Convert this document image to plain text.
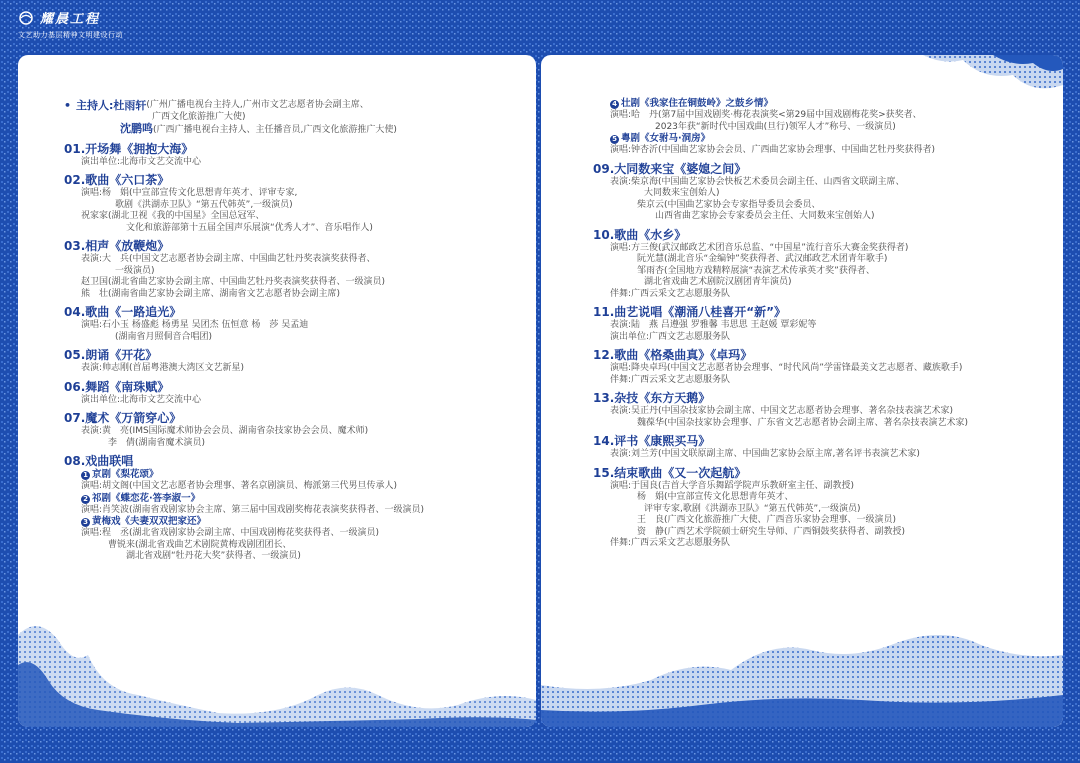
耀晨工程
文艺助力基层精神文明建设行动
• 主持人: 杜雨轩 (广州广播电视台主持人,广州市文艺志愿者协会副主席、
广西文化旅游推广大使)
沈鹏鸣(广西广播电视台主持人、主任播音员,广西文化旅游推广大使)
01.开场舞《拥抱大海》
演出单位:北海市文艺交流中心
02.歌曲《六口茶》
演唱:杨　娟(中宣部宣传文化思想青年英才、评审专家,
歌剧《洪湖赤卫队》“第五代韩英”,一级演员)
祝家家(湖北卫视《我的中国星》全国总冠军、
文化和旅游部第十五届全国声乐展演“优秀人才”、音乐唱作人)
03.相声《放鞭炮》
表演:大　兵(中国文艺志愿者协会副主席、中国曲艺牡丹奖表演奖获得者、
一级演员)
赵卫国(湖北省曲艺家协会副主席、中国曲艺牡丹奖表演奖获得者、一级演员)
熊　壮(湖南省曲艺家协会副主席、湖南省文艺志愿者协会副主席)
04.歌曲《一路追光》
演唱:石小玉 杨盛彪 杨勇星 吴团杰 伍恒意 杨　莎 吴孟迪
(湖南省月照侗音合唱团)
05.朗诵《开花》
表演:帅志刚(首届粤港澳大湾区文艺新星)
06.舞蹈《南珠赋》
演出单位:北海市文艺交流中心
07.魔术《万箭穿心》
表演:黄　亮(IMS国际魔术师协会会员、湖南省杂技家协会会员、魔术师)
　　　李　倩(湖南省魔术演员)
08.戏曲联唱
1 京剧《梨花颂》
演唱:胡文阁(中国文艺志愿者协会理事、著名京剧演员、梅派第三代男旦传承人)
2 祁剧《蝶恋花·答李淑一》
演唱:肖笑波(湖南省戏剧家协会主席、第三届中国戏剧奖梅花表演奖获得者、一级演员)
3 黄梅戏《夫妻双双把家还》
演唱:程　丞(湖北省戏剧家协会副主席、中国戏剧梅花奖获得者、一级演员)
　　　曹锐来(湖北省戏曲艺术剧院黄梅戏剧团团长、
湖北省戏剧“牡丹花大奖”获得者、一级演员)
4 壮剧《我家住在铜鼓岭》之鼓乡情》
演唱:哈　丹(第7届中国戏剧奖·梅花表演奖<第29届中国戏剧梅花奖>获奖者、
2023年获“新时代中国戏曲(旦行)领军人才”称号、一级演员)
5 粤剧《女驸马·洞房》
演唱:钟杏沂(中国曲艺家协会会员、广西曲艺家协会理事、中国曲艺牡丹奖获得者)
09.大同数来宝《婆媳之间》
表演:柴京海(中国曲艺家协会快板艺术委员会副主任、山西省文联副主席、
大同数来宝创始人)
　　　柴京云(中国曲艺家协会专家指导委员会委员、
山西省曲艺家协会专家委员会主任、大同数来宝创始人)
10.歌曲《水乡》
演唱:方三俊(武汉邮政艺术团音乐总监、“中国星”流行音乐大赛金奖获得者)
　　　阮光慧(湖北音乐“金编钟”奖获得者、武汉邮政艺术团青年歌手)
　　　邹雨杏(全国地方戏精粹展演“表演艺术传承英才奖”获得者、
湖北省戏曲艺术剧院汉剧团青年演员)
伴舞:广西云采文艺志愿服务队
11.曲艺说唱《潮涌八桂喜开“新”》
表演:陆　燕 吕遵强 罗雅馨 韦思思 王赵媛 覃彩妮等
演出单位:广西文艺志愿服务队
12.歌曲《格桑曲真》《卓玛》
演唱:降央卓玛(中国文艺志愿者协会理事、“时代风尚”学雷锋最美文艺志愿者、藏族歌手)
伴舞:广西云采文艺志愿服务队
13.杂技《东方天鹅》
表演:吴正丹(中国杂技家协会副主席、中国文艺志愿者协会理事、著名杂技表演艺术家)
　　　魏葆华(中国杂技家协会理事、广东省文艺志愿者协会副主席、著名杂技表演艺术家)
14.评书《康熙买马》
表演:刘兰芳(中国文联原副主席、中国曲艺家协会原主席,著名评书表演艺术家)
15.结束歌曲《又一次起航》
演唱:于国良(吉首大学音乐舞蹈学院声乐教研室主任、副教授)
　　　杨　娟(中宣部宣传文化思想青年英才、
评审专家,歌剧《洪湖赤卫队》“第五代韩英”,一级演员)
　　　王　良(广西文化旅游推广大使、广西音乐家协会理事、一级演员)
　　　资　静(广西艺术学院硕士研究生导师、广西铜鼓奖获得者、副教授)
伴舞:广西云采文艺志愿服务队
